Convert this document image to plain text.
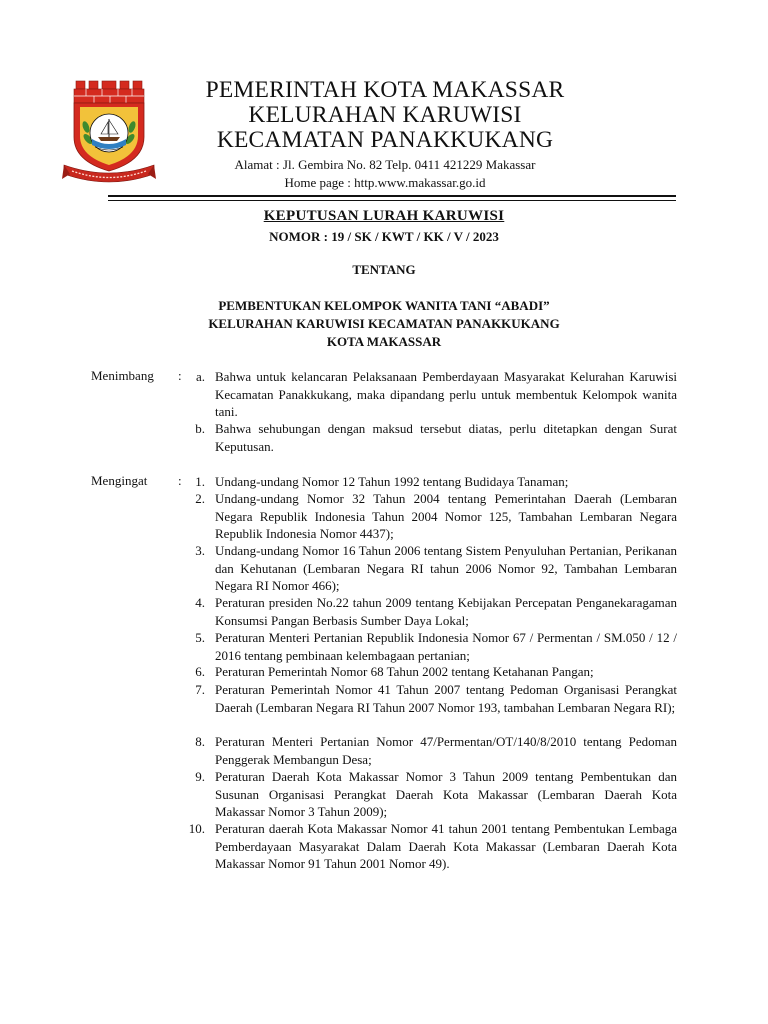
PEMERINTAH KOTA MAKASSAR
KELURAHAN KARUWISI
KECAMATAN PANAKKUKANG
Alamat : Jl. Gembira No. 82 Telp. 0411 421229 Makassar
Home page : http.www.makassar.go.id
KEPUTUSAN LURAH KARUWISI
NOMOR : 19 / SK / KWT / KK / V / 2023
TENTANG
PEMBENTUKAN KELOMPOK WANITA TANI “ABADI”
KELURAHAN KARUWISI KECAMATAN PANAKKUKANG
KOTA MAKASSAR
Menimbang :	a. Bahwa untuk kelancaran Pelaksanaan Pemberdayaan Masyarakat Kelurahan Karuwisi Kecamatan Panakkukang, maka dipandang perlu untuk membentuk Kelompok wanita tani.
b. Bahwa sehubungan dengan maksud tersebut diatas, perlu ditetapkan dengan Surat Keputusan.
Mengingat :	1. Undang-undang Nomor 12 Tahun 1992 tentang Budidaya Tanaman;
2. Undang-undang Nomor 32 Tahun 2004 tentang Pemerintahan Daerah (Lembaran Negara Republik Indonesia Tahun 2004 Nomor 125, Tambahan Lembaran Negara Republik Indonesia Nomor 4437);
3. Undang-undang Nomor 16 Tahun 2006 tentang Sistem Penyuluhan Pertanian, Perikanan dan Kehutanan (Lembaran Negara RI tahun 2006 Nomor 92, Tambahan Lembaran Negara RI Nomor 466);
4. Peraturan presiden No.22 tahun 2009 tentang Kebijakan Percepatan Penganekaragaman Konsumsi Pangan Berbasis Sumber Daya Lokal;
5. Peraturan Menteri Pertanian Republik Indonesia Nomor 67 / Permentan / SM.050 / 12 / 2016 tentang pembinaan kelembagaan pertanian;
6. Peraturan Pemerintah Nomor 68 Tahun 2002 tentang Ketahanan Pangan;
7. Peraturan Pemerintah Nomor 41 Tahun 2007 tentang Pedoman Organisasi Perangkat Daerah (Lembaran Negara RI Tahun 2007 Nomor 193, tambahan Lembaran Negara RI);
8. Peraturan Menteri Pertanian Nomor 47/Permentan/OT/140/8/2010 tentang Pedoman Penggerak Membangun Desa;
9. Peraturan Daerah Kota Makassar Nomor 3 Tahun 2009 tentang Pembentukan dan Susunan Organisasi Perangkat Daerah Kota Makassar (Lembaran Daerah Kota Makassar Nomor 3 Tahun 2009);
10. Peraturan daerah Kota Makassar Nomor 41 tahun 2001 tentang Pembentukan Lembaga Pemberdayaan Masyarakat Dalam Daerah Kota Makassar (Lembaran Daerah Kota Makassar Nomor 91 Tahun 2001 Nomor 49).
